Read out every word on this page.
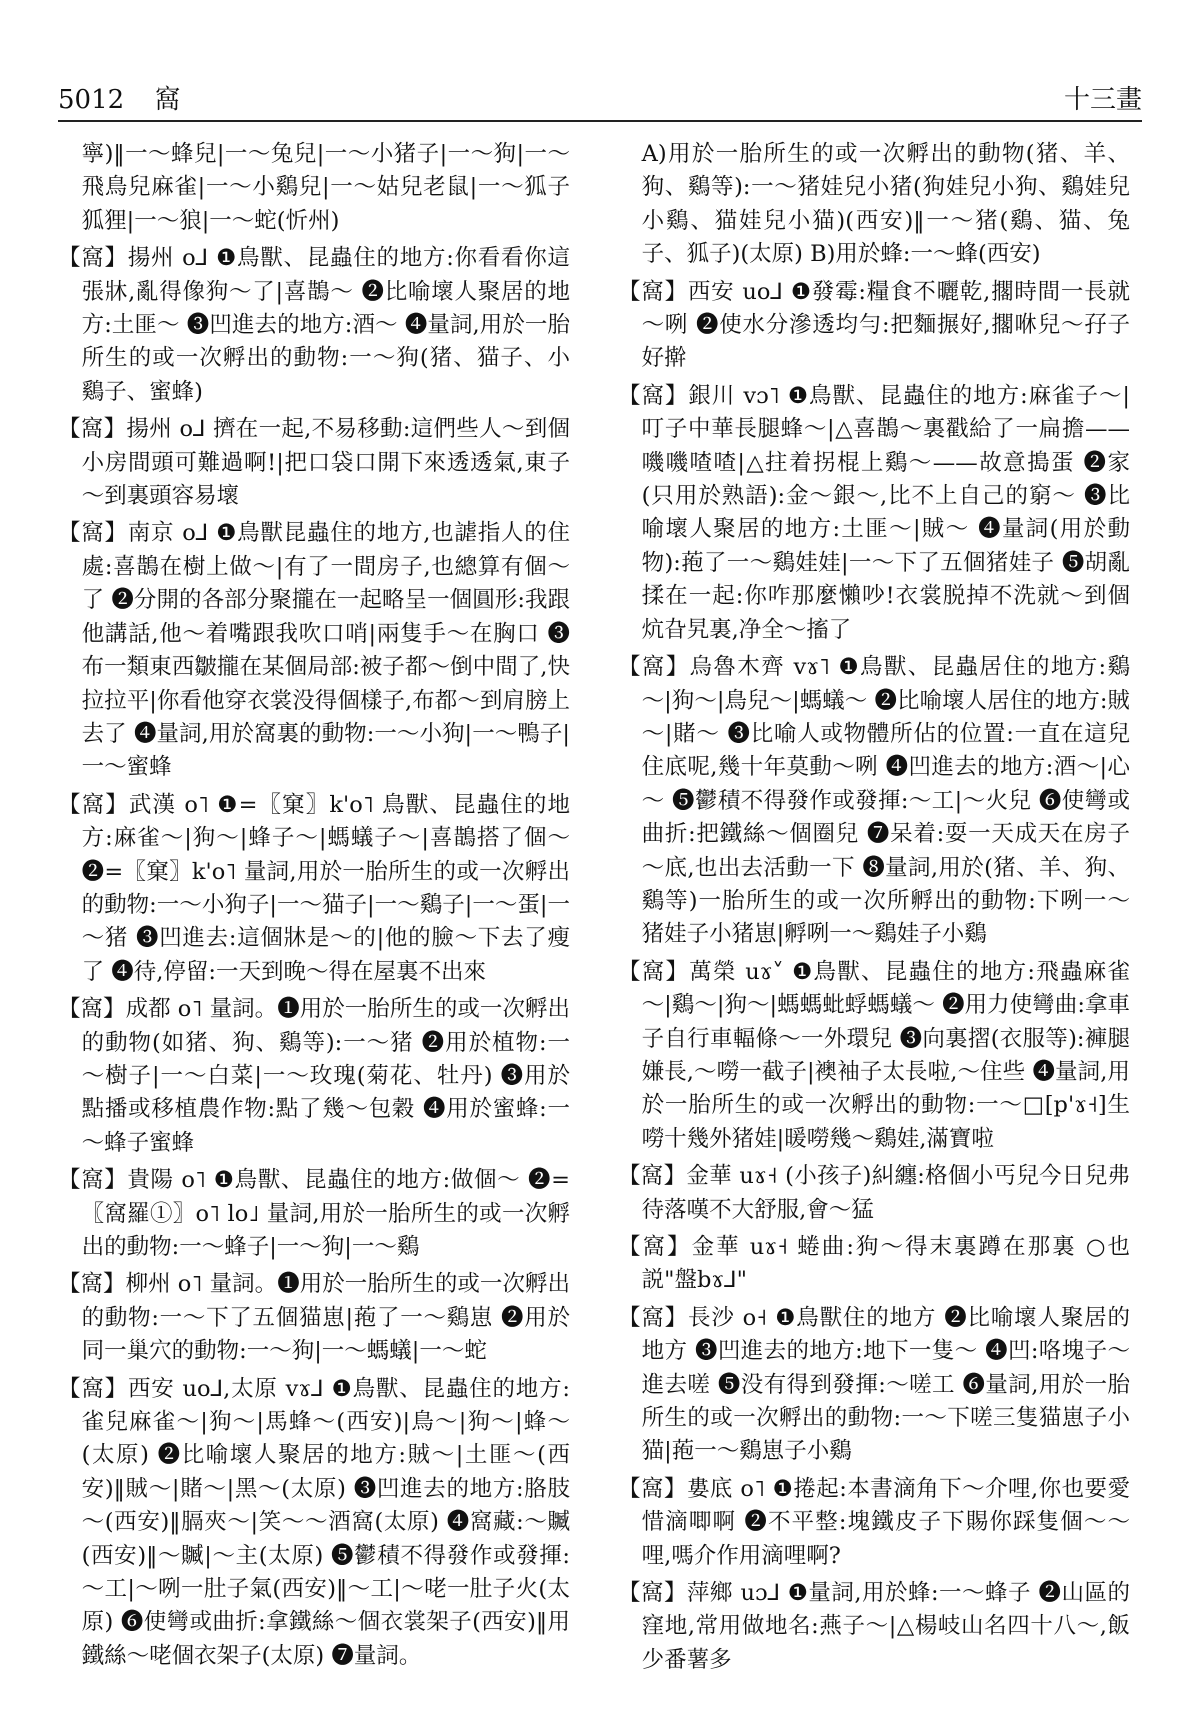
5012 窩	十三畫

寧)‖一～蜂兒|一～兔兒|一～小猪子|一～狗|一～飛鳥兒麻雀|一～小鷄兒|一～姑兒老鼠|一～狐子狐狸|一～狼|一～蛇(忻州)

【窩】揚州 o⅃ ❶鳥獸、昆蟲住的地方:你看看你這張牀,亂得像狗～了|喜鵲～ ❷比喻壞人聚居的地方:土匪～ ❸凹進去的地方:酒～ ❹量詞,用於一胎所生的或一次孵出的動物:一～狗(猪、猫子、小鷄子、蜜蜂)

【窩】揚州 o⅃ 擠在一起,不易移動:這們些人～到個小房間頭可難過啊!|把口袋口開下來透透氣,東子～到裏頭容易壞

【窩】南京 o⅃ ❶鳥獸昆蟲住的地方,也謔指人的住處:喜鵲在樹上做～|有了一間房子,也總算有個～了 ❷分開的各部分聚攏在一起略呈一個圓形:我跟他講話,他～着嘴跟我吹口哨|兩隻手～在胸口 ❸布一類東西皺攏在某個局部:被子都～倒中間了,快拉拉平|你看他穿衣裳没得個樣子,布都～到肩膀上去了 ❹量詞,用於窩裏的動物:一～小狗|一～鴨子|一～蜜蜂

【窩】武漢 o˥ ❶=〖窠〗k'o˥ 鳥獸、昆蟲住的地方:麻雀～|狗～|蜂子～|螞蟻子～|喜鵲搭了個～ ❷=〖窠〗k'o˥ 量詞,用於一胎所生的或一次孵出的動物:一～小狗子|一～猫子|一～鷄子|一～蛋|一～猪 ❸凹進去:這個牀是～的|他的臉～下去了瘦了 ❹待,停留:一天到晚～得在屋裏不出來

【窩】成都 o˥ 量詞。❶用於一胎所生的或一次孵出的動物(如猪、狗、鷄等):一～猪 ❷用於植物:一～樹子|一～白菜|一～玫瑰(菊花、牡丹) ❸用於點播或移植農作物:點了幾～包穀 ❹用於蜜蜂:一～蜂子蜜蜂

【窩】貴陽 o˥ ❶鳥獸、昆蟲住的地方:做個～ ❷=〖窩羅①〗o˥ lo˩ 量詞,用於一胎所生的或一次孵出的動物:一～蜂子|一～狗|一～鷄

【窩】柳州 o˥ 量詞。❶用於一胎所生的或一次孵出的動物:一～下了五個猫崽|菢了一～鷄崽 ❷用於同一巢穴的動物:一～狗|一～螞蟻|一～蛇

【窩】西安 uo⅃,太原 vɤ⅃ ❶鳥獸、昆蟲住的地方:雀兒麻雀～|狗～|馬蜂～(西安)|鳥～|狗～|蜂～(太原) ❷比喻壞人聚居的地方:賊～|土匪～(西安)‖賊～|賭～|黑～(太原) ❸凹進去的地方:胳肢～(西安)‖膈夾～|笑～～酒窩(太原) ❹窩藏:～贓(西安)‖～贓|～主(太原) ❺鬱積不得發作或發揮:～工|～咧一肚子氣(西安)‖～工|～咾一肚子火(太原) ❻使彎或曲折:拿鐵絲～個衣裳架子(西安)‖用鐵絲～咾個衣架子(太原) ❼量詞。

A)用於一胎所生的或一次孵出的動物(猪、羊、狗、鷄等):一～猪娃兒小猪(狗娃兒小狗、鷄娃兒小鷄、猫娃兒小猫)(西安)‖一～猪(鷄、猫、兔子、狐子)(太原) B)用於蜂:一～蜂(西安)

【窩】西安 uo⅃ ❶發霉:糧食不曬乾,擱時間一長就～咧 ❷使水分滲透均勻:把麵搌好,擱咻兒～孖子好擀

【窩】銀川 vɔ˥ ❶鳥獸、昆蟲住的地方:麻雀子～|叮子中華長腿蜂～|△喜鵲～裏戳給了一扁擔——嘰嘰喳喳|△拄着拐棍上鷄～——故意搗蛋 ❷家(只用於熟語):金～銀～,比不上自己的窮～ ❸比喻壞人聚居的地方:土匪～|賊～ ❹量詞(用於動物):菢了一～鷄娃娃|一～下了五個猪娃子 ❺胡亂揉在一起:你咋那麼懶吵!衣裳脱掉不洗就～到個炕旮旯裏,净全～搐了

【窩】烏魯木齊 vɤ˥ ❶鳥獸、昆蟲居住的地方:鷄～|狗～|鳥兒～|螞蟻～ ❷比喻壞人居住的地方:賊～|賭～ ❸比喻人或物體所佔的位置:一直在這兒住底呢,幾十年莫動～咧 ❹凹進去的地方:酒～|心～ ❺鬱積不得發作或發揮:～工|～火兒 ❻使彎或曲折:把鐵絲～個圈兒 ❼呆着:耍一天成天在房子～底,也出去活動一下 ❽量詞,用於(猪、羊、狗、鷄等)一胎所生的或一次所孵出的動物:下咧一～猪娃子小猪崽|孵咧一～鷄娃子小鷄

【窩】萬榮 uɤ˅ ❶鳥獸、昆蟲住的地方:飛蟲麻雀～|鷄～|狗～|螞螞蚍蜉螞蟻～ ❷用力使彎曲:拿車子自行車輻條～一外環兒 ❸向裏摺(衣服等):褲腿嫌長,～嘮一截子|襖袖子太長啦,～住些 ❹量詞,用於一胎所生的或一次孵出的動物:一～□[p'ɤ˧]生嘮十幾外猪娃|暖嘮幾～鷄娃,滿寶啦

【窩】金華 uɤ˧ (小孩子)糾纏:格個小丐兒今日兒弗待落嘆不大舒服,會～猛

【窩】金華 uɤ˧ 蜷曲:狗～得末裏蹲在那裏 ○也説"盤bɤ⅃"

【窩】長沙 o˧ ❶鳥獸住的地方 ❷比喻壞人聚居的地方 ❸凹進去的地方:地下一隻～ ❹凹:咯塊子～進去嗟 ❺没有得到發揮:～嗟工 ❻量詞,用於一胎所生的或一次孵出的動物:一～下嗟三隻猫崽子小猫|菢一～鷄崽子小鷄

【窩】婁底 o˥ ❶捲起:本書滴角下～介哩,你也要愛惜滴唧啊 ❷不平整:塊鐵皮子下賜你踩隻個～～哩,嗎介作用滴哩啊?

【窩】萍鄉 uɔ⅃ ❶量詞,用於蜂:一～蜂子 ❷山區的窪地,常用做地名:燕子～|△楊岐山名四十八～,飯少番薯多
